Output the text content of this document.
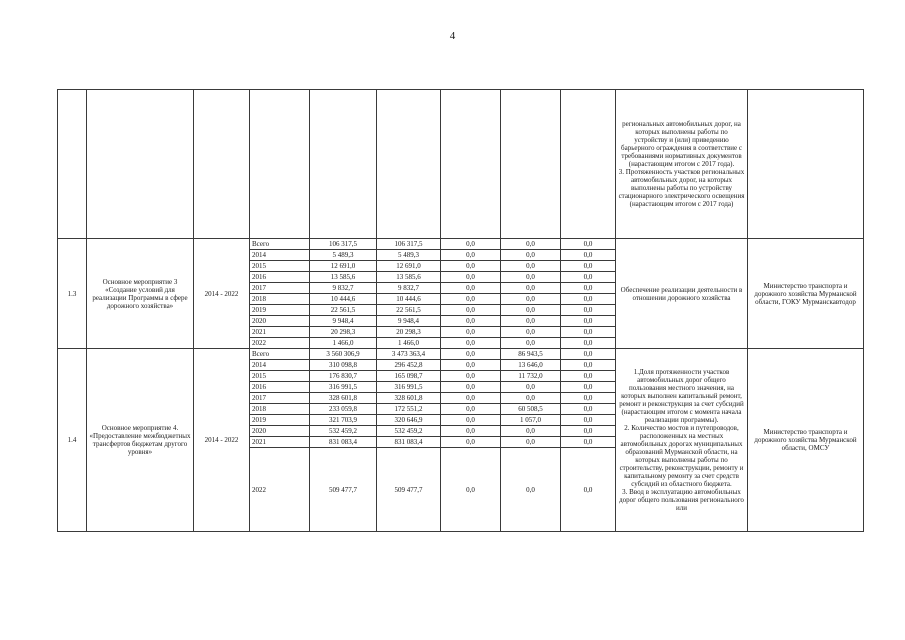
4
									региональных автомобильных дорог, на которых выполнены работы по устройству и (или) приведению барьерного ограждения в соответствие с требованиями нормативных документов (нарастающим итогом с 2017 года).
3. Протяженность участков региональных автомобильных дорог, на которых выполнены работы по устройству стационарного электрического освещения (нарастающим итогом с 2017 года)	
1.3	Основное мероприятие 3 «Создание условий для реализации Программы в сфере дорожного хозяйства»	2014 - 2022	Всего	106 317,5	106 317,5	0,0	0,0	0,0	Обеспечение реализации деятельности в отношении дорожного хозяйства	Министерство транспорта и дорожного хозяйства Мурманской области, ГОКУ Мурманскавтодор
			2014	5 489,3	5 489,3	0,0	0,0	0,0		
			2015	12 691,0	12 691,0	0,0	0,0	0,0		
			2016	13 585,6	13 585,6	0,0	0,0	0,0		
			2017	9 832,7	9 832,7	0,0	0,0	0,0		
			2018	10 444,6	10 444,6	0,0	0,0	0,0		
			2019	22 561,5	22 561,5	0,0	0,0	0,0		
			2020	9 948,4	9 948,4	0,0	0,0	0,0		
			2021	20 298,3	20 298,3	0,0	0,0	0,0		
			2022	1 466,0	1 466,0	0,0	0,0	0,0		
1.4	Основное мероприятие 4. «Предоставление межбюджетных трансфертов бюджетам другого уровня»	2014 - 2022	Всего	3 560 306,9	3 473 363,4	0,0	86 943,5	0,0	1.Доля протяженности участков автомобильных дорог общего пользования местного значения, на которых выполнен капитальный ремонт, ремонт и реконструкция за счет субсидий (нарастающим итогом с момента начала реализации программы).
2. Количество мостов и путепроводов, расположенных на местных автомобильных дорогах муниципальных образований Мурманской области, на которых выполнены работы по строительству, реконструкции, ремонту и капитальному ремонту за счет средств субсидий из областного бюджета.
3. Ввод в эксплуатацию автомобильных дорог общего пользования регионального или	Министерство транспорта и дорожного хозяйства Мурманской области, ОМСУ
			2014	310 098,8	296 452,8	0,0	13 646,0	0,0		
			2015	176 830,7	165 098,7	0,0	11 732,0	0,0		
			2016	316 991,5	316 991,5	0,0	0,0	0,0		
			2017	328 601,8	328 601,8	0,0	0,0	0,0		
			2018	233 059,8	172 551,2	0,0	60 508,5	0,0		
			2019	321 703,9	320 646,9	0,0	1 057,0	0,0		
			2020	532 459,2	532 459,2	0,0	0,0	0,0		
			2021	831 083,4	831 083,4	0,0	0,0	0,0		
			2022	509 477,7	509 477,7	0,0	0,0	0,0		
